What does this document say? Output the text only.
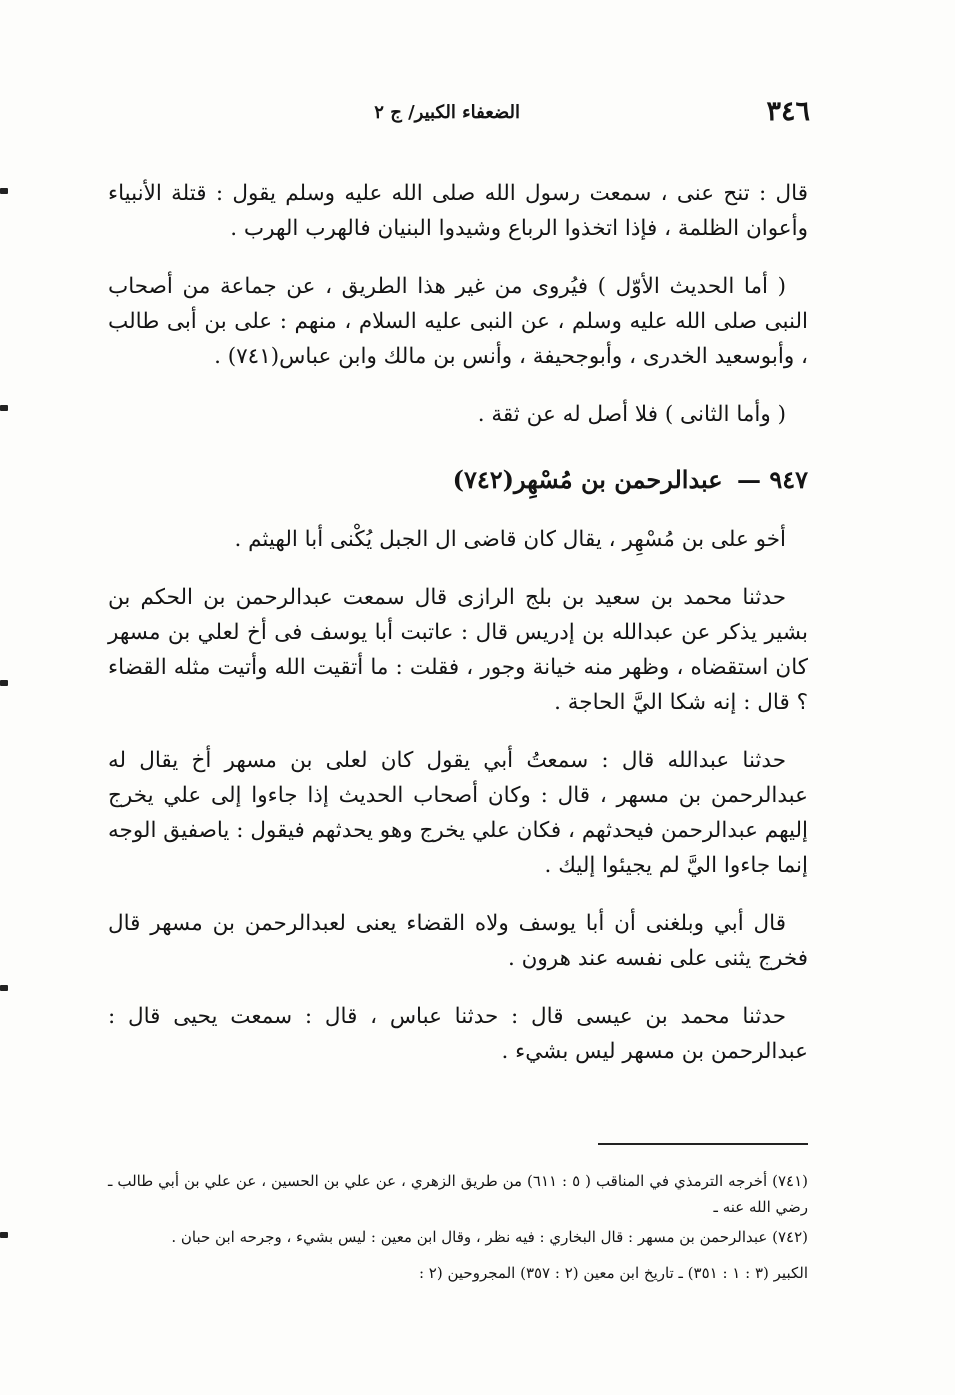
٣٤٦
الضعفاء الكبير/ ج ٢

قال : تنح عنى ، سمعت رسول الله صلى الله عليه وسلم يقول : قتلة الأنبياء وأعوان الظلمة ، فإذا اتخذوا الرباع وشيدوا البنيان فالهرب الهرب .

( أما الحديث الأوّل ) فيُروى من غير هذا الطريق ، عن جماعة من أصحاب النبى صلى الله عليه وسلم ، عن النبى عليه السلام ، منهم : على بن أبى طالب ، وأبوسعيد الخدرى ، وأبوجحيفة ، وأنس بن مالك وابن عباس(٧٤١) .

( وأما الثانى ) فلا أصل له عن ثقة .

٩٤٧ — عبدالرحمن بن مُسْهِر(٧٤٢)

أخو على بن مُسْهِر ، يقال كان قاضى ال الجبل يُكْنى أبا الهيثم .

حدثنا محمد بن سعيد بن بلج الرازى قال سمعت عبدالرحمن بن الحكم بن بشير يذكر عن عبدالله بن إدريس قال : عاتبت أبا يوسف فى أخ لعلي بن مسهر كان استقضاه ، وظهر منه خيانة وجور ، فقلت : ما أتقيت الله وأتيت مثله القضاء ؟ قال : إنه شكا اليَّ الحاجة .

حدثنا عبدالله قال : سمعتُ أبي يقول كان لعلى بن مسهر أخ يقال له عبدالرحمن بن مسهر ، قال : وكان أصحاب الحديث إذا جاءوا إلى علي يخرج إليهم عبدالرحمن فيحدثهم ، فكان علي يخرج وهو يحدثهم فيقول : ياصفيق الوجه إنما جاءوا اليَّ لم يجيئوا إليك .

قال أبي وبلغنى أن أبا يوسف ولاه القضاء يعنى لعبدالرحمن بن مسهر قال فخرج يثنى على نفسه عند هرون .

حدثنا محمد بن عيسى قال : حدثنا عباس ، قال : سمعت يحيى قال : عبدالرحمن بن مسهر ليس بشيء .

(٧٤١) أخرجه الترمذي في المناقب ( ٥ : ٦١١) من طريق الزهري ، عن علي بن الحسين ، عن علي بن أبي طالب ـ رضي الله عنه ـ

(٧٤٢) عبدالرحمن بن مسهر : قال البخاري : فيه نظر ، وقال ابن معين : ليس بشيء ، وجرحه ابن حبان .

الكبير (٣ : ١ : ٣٥١) ـ تاريخ ابن معين (٢ : ٣٥٧) المجروحين (٢ :
